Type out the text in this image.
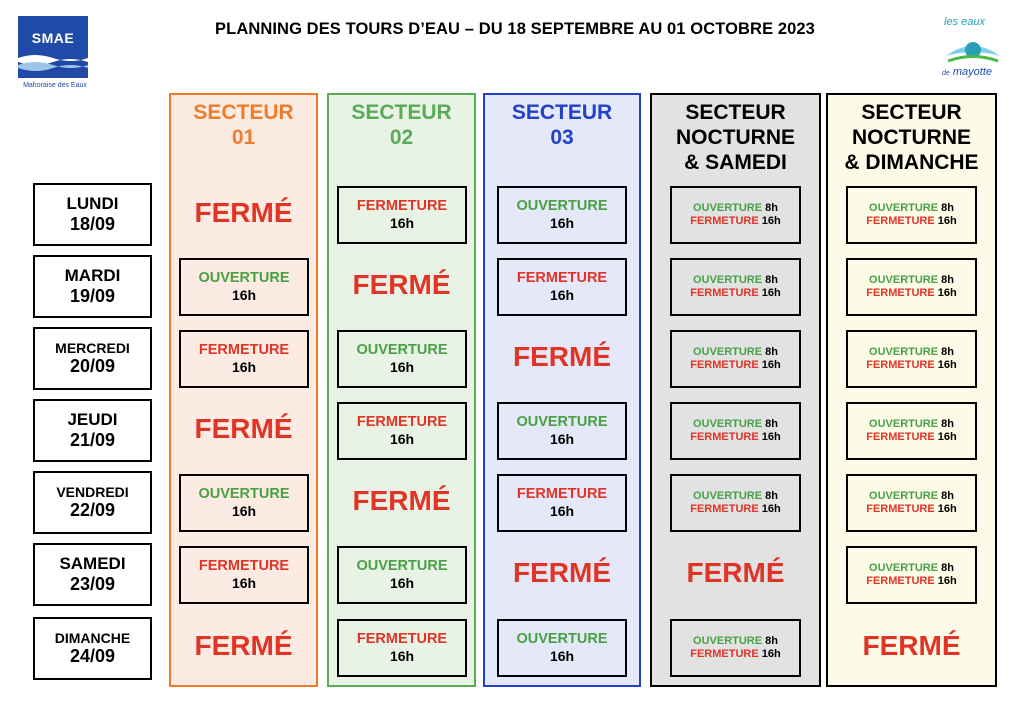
SMAE
Mahoraise des Eaux
PLANNING DES TOURS D’EAU – DU 18 SEPTEMBRE AU 01 OCTOBRE 2023	les eaux
de mayotte
LUNDI
18/09
MARDI
19/09
MERCREDI
20/09
JEUDI
21/09
VENDREDI
22/09
SAMEDI
23/09
DIMANCHE
24/09
SECTEUR
01
FERMÉ
OUVERTURE
16h
FERMETURE
16h
FERMÉ
OUVERTURE
16h
FERMETURE
16h
FERMÉ
SECTEUR
02
FERMETURE
16h
FERMÉ
OUVERTURE
16h
FERMETURE
16h
FERMÉ
OUVERTURE
16h
FERMETURE
16h
SECTEUR
03
OUVERTURE
16h
FERMETURE
16h
FERMÉ
OUVERTURE
16h
FERMETURE
16h
FERMÉ
OUVERTURE
16h
SECTEUR
NOCTURNE
& SAMEDI
OUVERTURE 8h
FERMETURE 16h
OUVERTURE 8h
FERMETURE 16h
OUVERTURE 8h
FERMETURE 16h
OUVERTURE 8h
FERMETURE 16h
OUVERTURE 8h
FERMETURE 16h
FERMÉ
OUVERTURE 8h
FERMETURE 16h
SECTEUR
NOCTURNE
& DIMANCHE
OUVERTURE 8h
FERMETURE 16h
OUVERTURE 8h
FERMETURE 16h
OUVERTURE 8h
FERMETURE 16h
OUVERTURE 8h
FERMETURE 16h
OUVERTURE 8h
FERMETURE 16h
OUVERTURE 8h
FERMETURE 16h
FERMÉ
